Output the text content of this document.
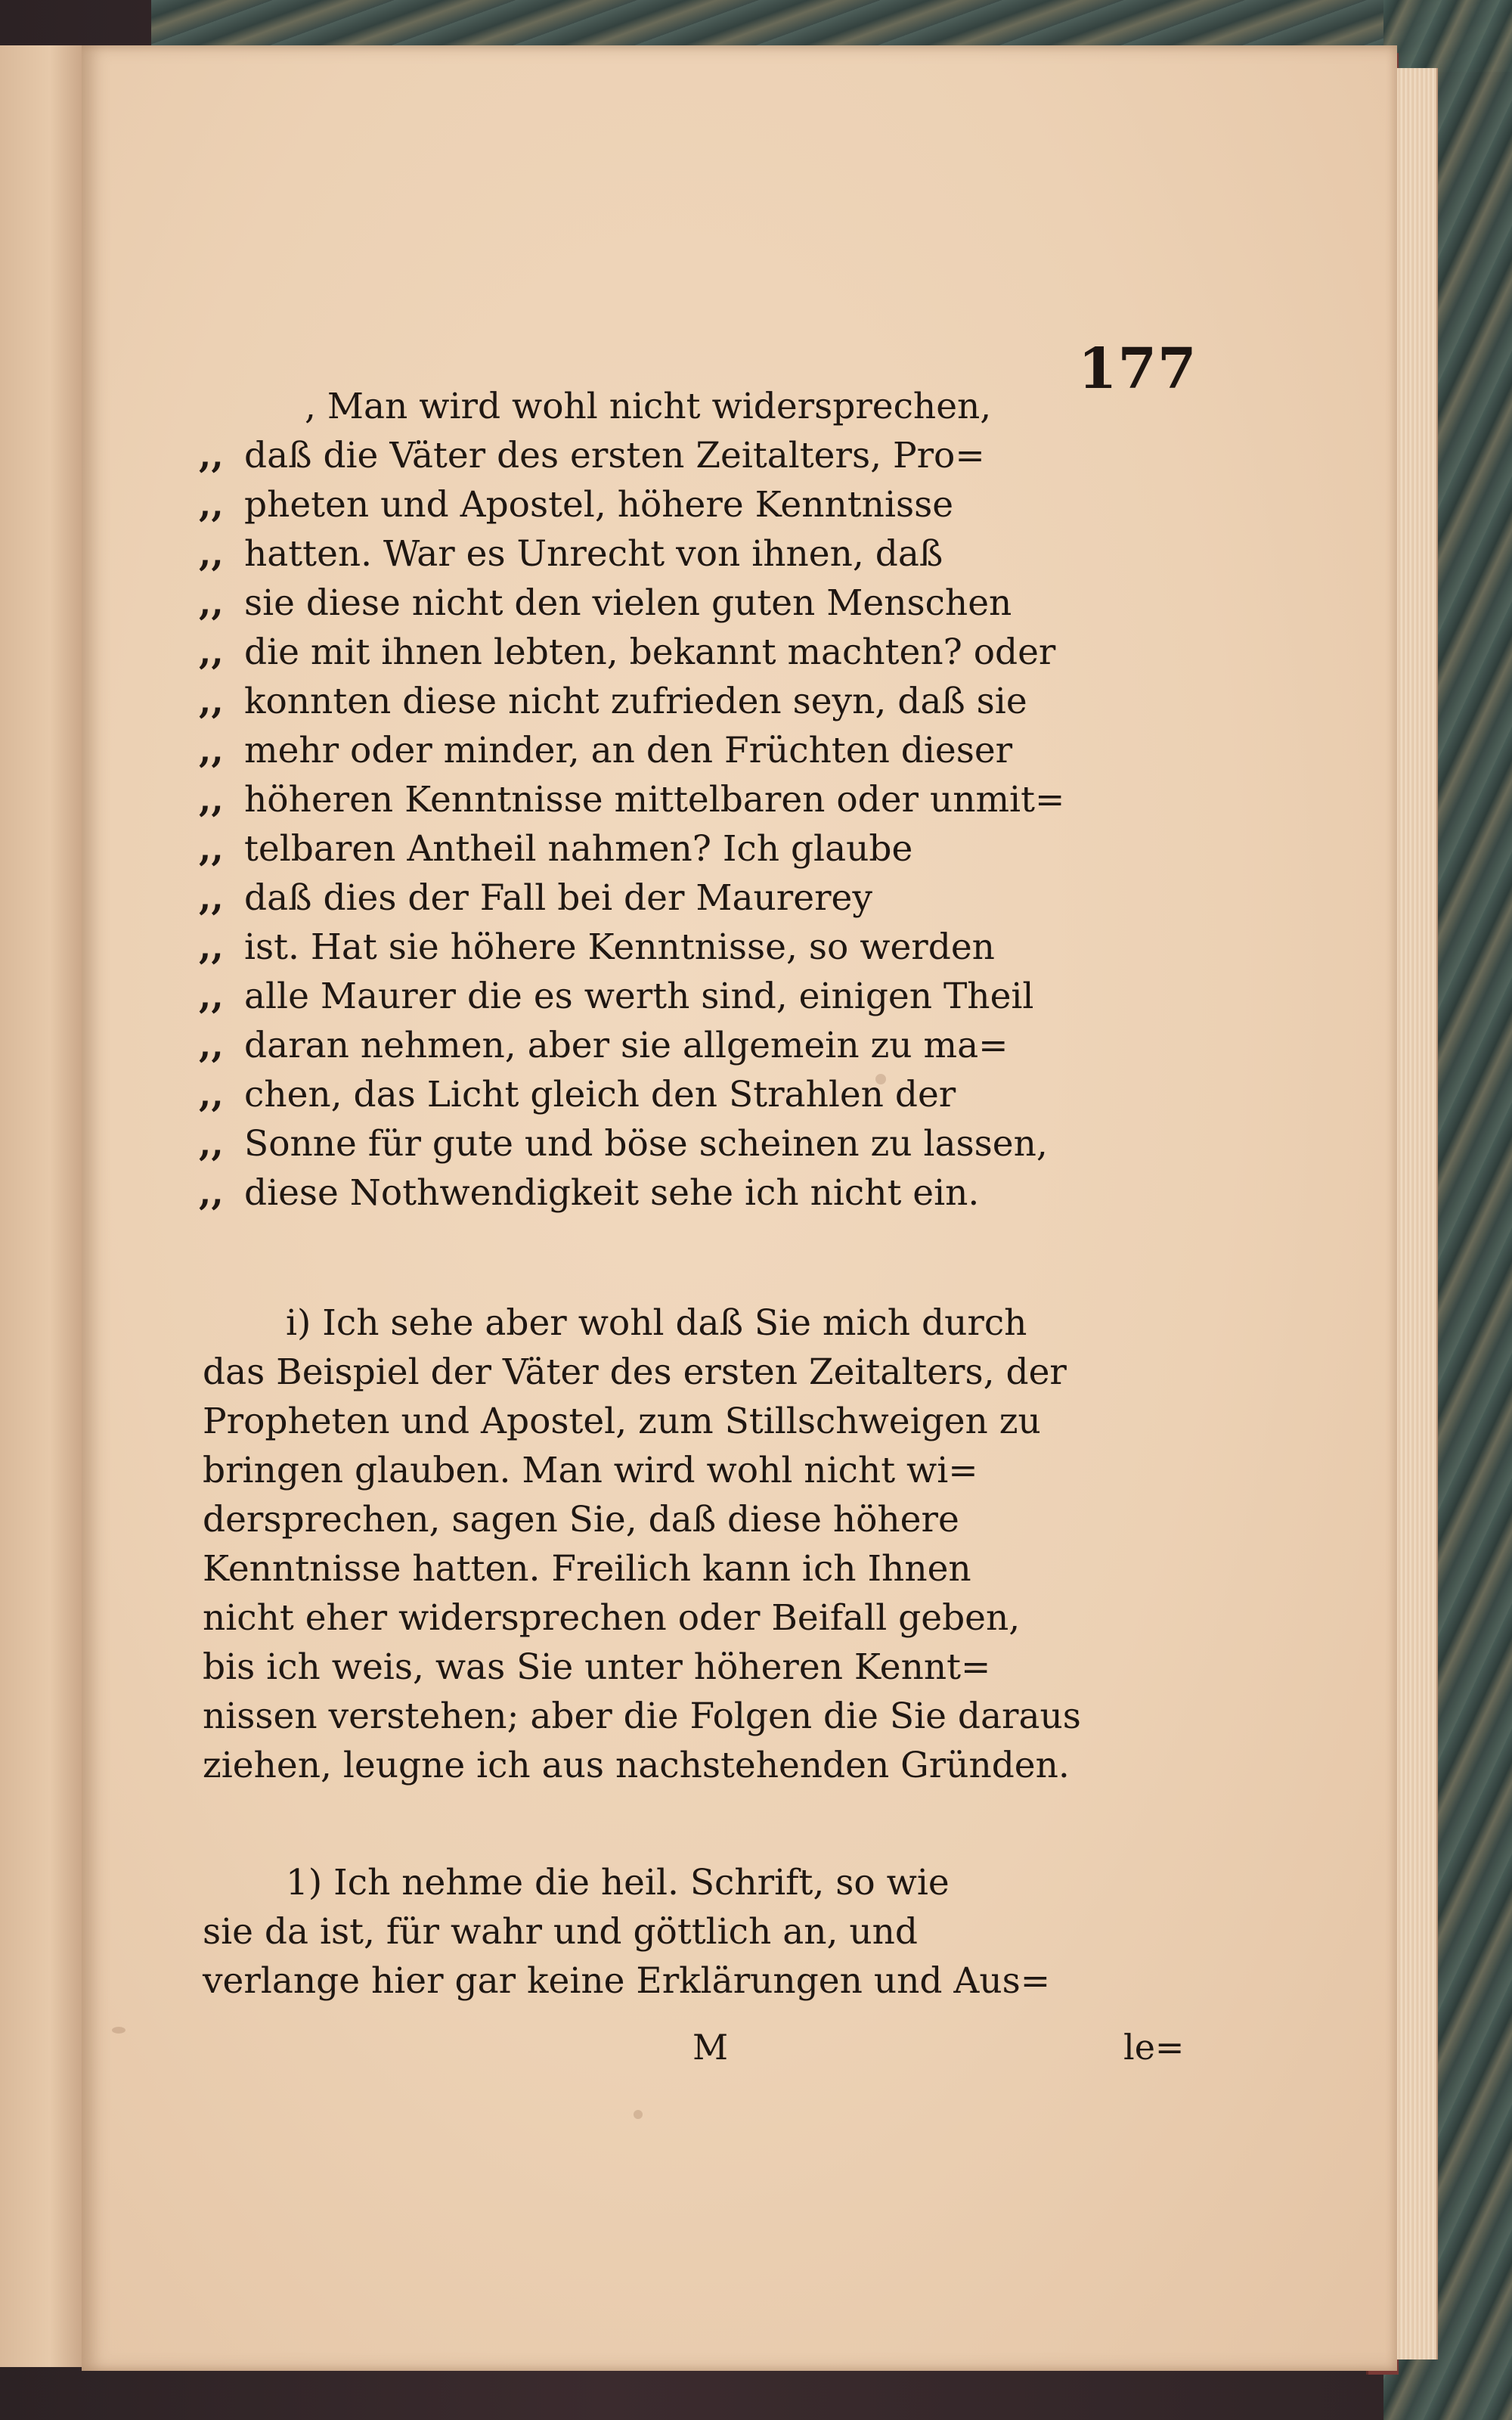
177
, Man wird wohl nicht widersprechen,
,, daß die Väter des ersten Zeitalters, Pro=
,, pheten und Apostel, höhere Kenntnisse
,, hatten. War es Unrecht von ihnen, daß
,, sie diese nicht den vielen guten Menschen
,, die mit ihnen lebten, bekannt machten? oder
,, konnten diese nicht zufrieden seyn, daß sie
,, mehr oder minder, an den Früchten dieser
,, höheren Kenntnisse mittelbaren oder unmit=
,, telbaren Antheil nahmen? Ich glaube
,, daß dies der Fall bei der Maurerey
,, ist. Hat sie höhere Kenntnisse, so werden
,, alle Maurer die es werth sind, einigen Theil
,, daran nehmen, aber sie allgemein zu ma=
,, chen, das Licht gleich den Strahlen der
,, Sonne für gute und böse scheinen zu lassen,
,, diese Nothwendigkeit sehe ich nicht ein.
i) Ich sehe aber wohl daß Sie mich durch
das Beispiel der Väter des ersten Zeitalters, der
Propheten und Apostel, zum Stillschweigen zu
bringen glauben. Man wird wohl nicht wi=
dersprechen, sagen Sie, daß diese höhere
Kenntnisse hatten. Freilich kann ich Ihnen
nicht eher widersprechen oder Beifall geben,
bis ich weis, was Sie unter höheren Kennt=
nissen verstehen; aber die Folgen die Sie daraus
ziehen, leugne ich aus nachstehenden Gründen.
1) Ich nehme die heil. Schrift, so wie
sie da ist, für wahr und göttlich an, und
verlange hier gar keine Erklärungen und Aus=
M	le=
